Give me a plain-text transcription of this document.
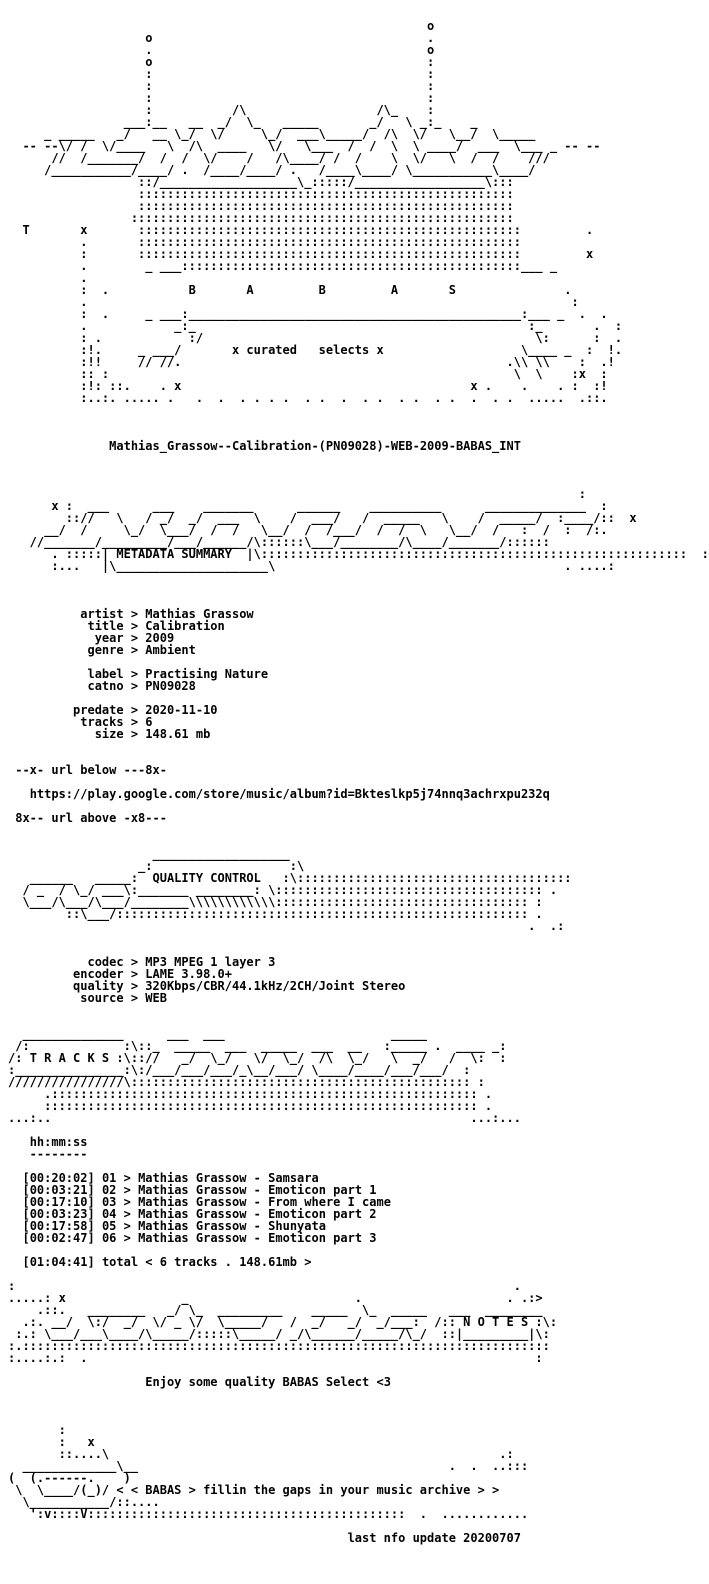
o
o                                      .
.                                      o
o                                      :
:                                      :
:                                      :
:                                      :
:           /\                  /\_    :
___:__   __  _/  \_   _____       _/   \ _:_    _
_ _____   _/   __ \_/  \/     \_/  ___\_____/  /\  \/   \__/  \_____
-- --\/ /  \/____   \  /\  ____   \/   \___  /  /  \  \ ____/  ___  \___ _ -- --
//  /_______/  /  /  \/    /   /\____/ /  /    \  \/   \  /  /    ///
/___________/____/ .  /____/____/ .   /____\____/ \___________\____/
::/___________________\_:::::/__________________\:::
::::::::::::::::::::::::::::::::::::::::::::::::::::
::::::::::::::::::::::::::::::::::::::::::::::::::::
:::::::::::::::::::::::::::::::::::::::::::::::::::::
T       x       :::::::::::::::::::::::::::::::::::::::::::::::::::::         .
.       :::::::::::::::::::::::::::::::::::::::::::::::::::::
:       :::::::::::::::::::::::::::::::::::::::::::::::::::::         x
.        _ ___:::::::::::::::::::::::::::::::::::::::::::::::___ _
.
:  .           B       A         B         A       S               .
.                                                                   :
:  .     _ ___:______________________________________________:___ _  .  .
.            _:_                                              :_       .  :
: .            :/                                              \:      :  .
:!.     _ ___/       x curated   selects x                   \____ _  :  !.
:!!     // //.                                             .\\ \\    :  .!
:: :                                                        \  \    :x  :
:!: ::.    . x                                        x .    .    . :  :!
:..:. ..... .   .  .  . . . .  . .  .  . .  . .  . .  .  . .  .....  .::.

Mathias_Grassow--Calibration-(PN09028)-WEB-2009-BABAS_INT

:
x :  ___      ___    _______      ______    __________      ______________  :
:://   \   / _/  _/  ___  \    /  ___/   /  _____   \    /  _____/  :____/::  x
__/  /     \_/  \___/  /  /   \__/  /  /___/  /  /  \   \__/  /   :  /  :  /:.
//_______/_________/___/______/\::::::\___/________/\____/_______/::::::
. :::::| METADATA SUMMARY  |\:::::::::::::::::::::::::::::::::::::::::::::::::::::::::::  :
:...   |\_____________________\                                        . ....:

artist > Mathias Grassow
title > Calibration
year > 2009
genre > Ambient

label > Practising Nature
catno > PN09028

predate > 2020-11-10
tracks > 6
size > 148.61 mb

--x- url below ---8x-

https://play.google.com/store/music/album?id=Bkteslkp5j74nnq3achrxpu232q

8x-- url above -x8---

___________________
_:                   :\
______   _____:  QUALITY CONTROL   :\::::::::::::::::::::::::::::::::::::::
/ _  / \_/ ___\:_______ ________: \::::::::::::::::::::::::::::::::::::: .
\___/\___/\___/________\\\\\\\\\\\\::::::::::::::::::::::::::::::::::: :
::\___/::::::::::::::::::::::::::::::::::::::::::::::::::::::::: .
.  .:

codec > MP3 MPEG 1 layer 3
encoder > LAME 3.98.0+
quality > 320Kbps/CBR/44.1kHz/2CH/Joint Stereo
source > WEB

______________      ___  ___                       _____
/:             :\::_  _____  ___  _____  ___  __   :_____ .  ____ _:
/: T R A C K S :\:://   _/  \_/   \/  \_/  /\  \_/   \  _/   /  \:  :
:_______________:\:/___/___/___/_\__/___/ \____/____/___/___/  :
////////////////\::::::::::::::::::::::::::::::::::::::::::::::: :
.::::::::::::::::::::::::::::::::::::::::::::::::::::::::::: .
:::::::::::::::::::::::::::::::::::::::::::::::::::::::::::: .
...:..                                                          ...:...

hh:mm:ss
--------

[00:20:02] 01 > Mathias Grassow - Samsara
[00:03:21] 02 > Mathias Grassow - Emoticon part 1
[00:17:10] 03 > Mathias Grassow - From where I came
[00:03:23] 04 > Mathias Grassow - Emoticon part 2
[00:17:58] 05 > Mathias Grassow - Shunyata
[00:02:47] 06 > Mathias Grassow - Emoticon part 3

[01:04:41] total < 6 tracks . 148.61mb >

:                                                                     .
.....: x                _                       .                    . .:>
.::.   ________   _/ \_  _________    _____  \_  _____   ___  ________
.:. __/  \:/  _/  \/ _ \/  \_____/   /  _/   _/  _/___:  /:: N O T E S :\:
:.: \___/___\____/\_____/:::::\_____/ _/\______/_____/\_/  ::|_________|\:
:.:::::::::::::::::::::::::::::::::::::::::::::::::::::::::::::::::::::::::
:....:.:  .                                                              :

Enjoy some quality BABAS Select <3

:
:   x
::....\                                                      .:
_____________\__                                           .  .  ..:::
(  (.------.    )
\  \____/(_)/ < < BABAS > fillin the gaps in your music archive > >
\___________/::....
':v::::V::::::::::::::::::::::::::::::::::::::::::::  .  ............

last nfo update 20200707
